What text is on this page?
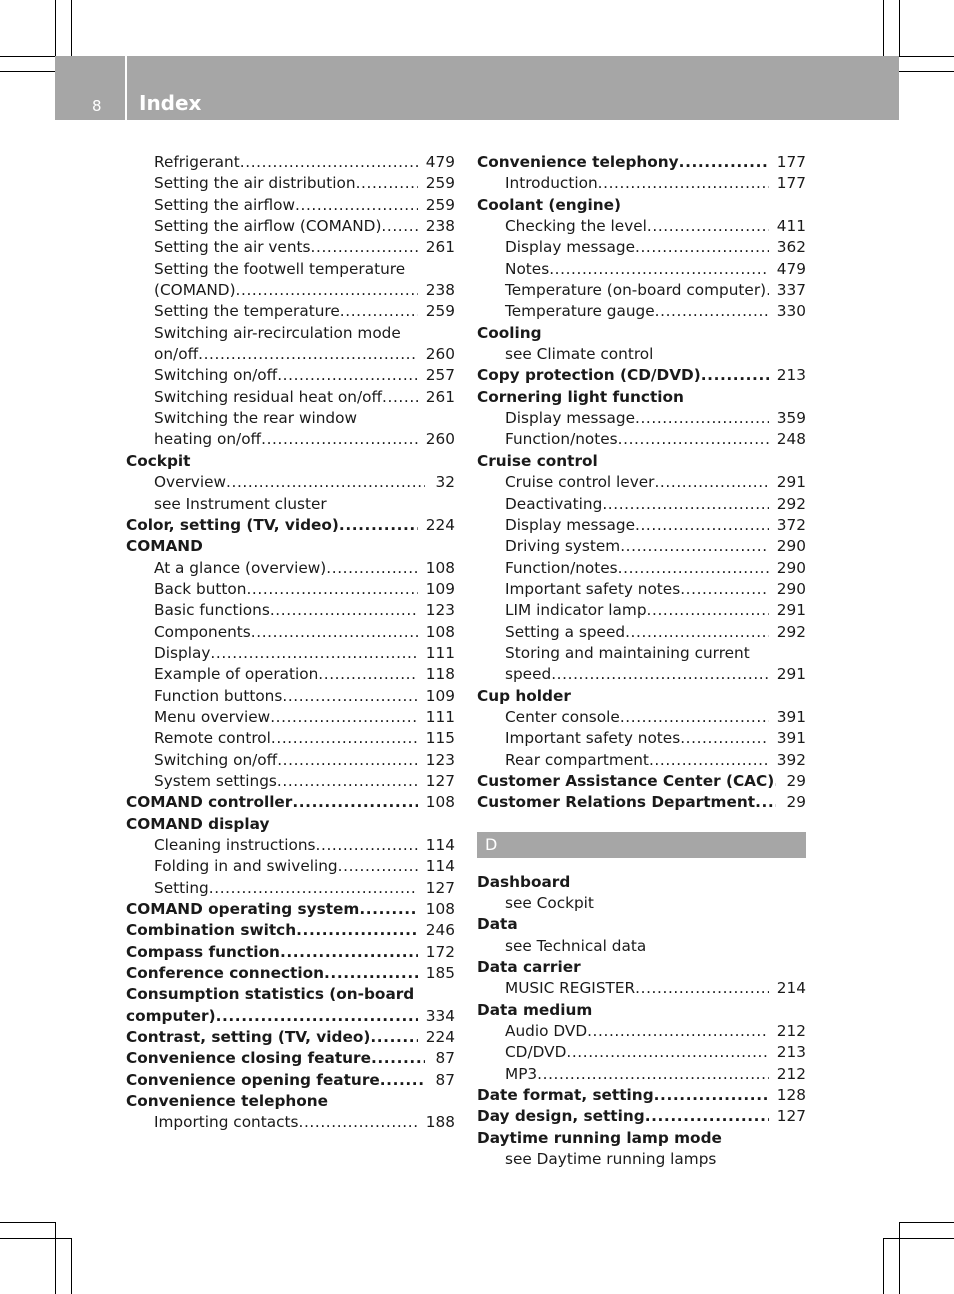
8 Index
Refrigerant .....	479
Setting the air distribution .....	259
Setting the airflow .....	259
Setting the airflow (COMAND) .....	238
Setting the air vents .....	261
Setting the footwell temperature
(COMAND) .....	238
Setting the temperature .....	259
Switching air-recirculation mode
on/off .....	260
Switching on/off .....	257
Switching residual heat on/off .....	261
Switching the rear window
heating on/off .....	260
Cockpit
Overview .....	32
see Instrument cluster
Color, setting (TV, video) .....	224
COMAND
At a glance (overview) .....	108
Back button .....	109
Basic functions .....	123
Components .....	108
Display .....	111
Example of operation .....	118
Function buttons .....	109
Menu overview .....	111
Remote control .....	115
Switching on/off .....	123
System settings .....	127
COMAND controller .....	108
COMAND display
Cleaning instructions .....	114
Folding in and swiveling .....	114
Setting .....	127
COMAND operating system .....	108
Combination switch .....	246
Compass function .....	172
Conference connection .....	185
Consumption statistics (on-board
computer) .....	334
Contrast, setting (TV, video) .....	224
Convenience closing feature .....	87
Convenience opening feature .....	87
Convenience telephone
Importing contacts .....	188
Convenience telephony .....	177
Introduction .....	177
Coolant (engine)
Checking the level .....	411
Display message .....	362
Notes .....	479
Temperature (on-board computer) ..... 337
Temperature gauge .....	330
Cooling
see Climate control
Copy protection (CD/DVD) .....	213
Cornering light function
Display message .....	359
Function/notes .....	248
Cruise control
Cruise control lever .....	291
Deactivating .....	292
Display message .....	372
Driving system .....	290
Function/notes .....	290
Important safety notes .....	290
LIM indicator lamp .....	291
Setting a speed .....	292
Storing and maintaining current
speed .....	291
Cup holder
Center console .....	391
Important safety notes .....	391
Rear compartment .....	392
Customer Assistance Center (CAC) ..... 29
Customer Relations Department .....	29
D
Dashboard
see Cockpit
Data
see Technical data
Data carrier
MUSIC REGISTER .....	214
Data medium
Audio DVD .....	212
CD/DVD .....	213
MP3 .....	212
Date format, setting .....	128
Day design, setting .....	127
Daytime running lamp mode
see Daytime running lamps
